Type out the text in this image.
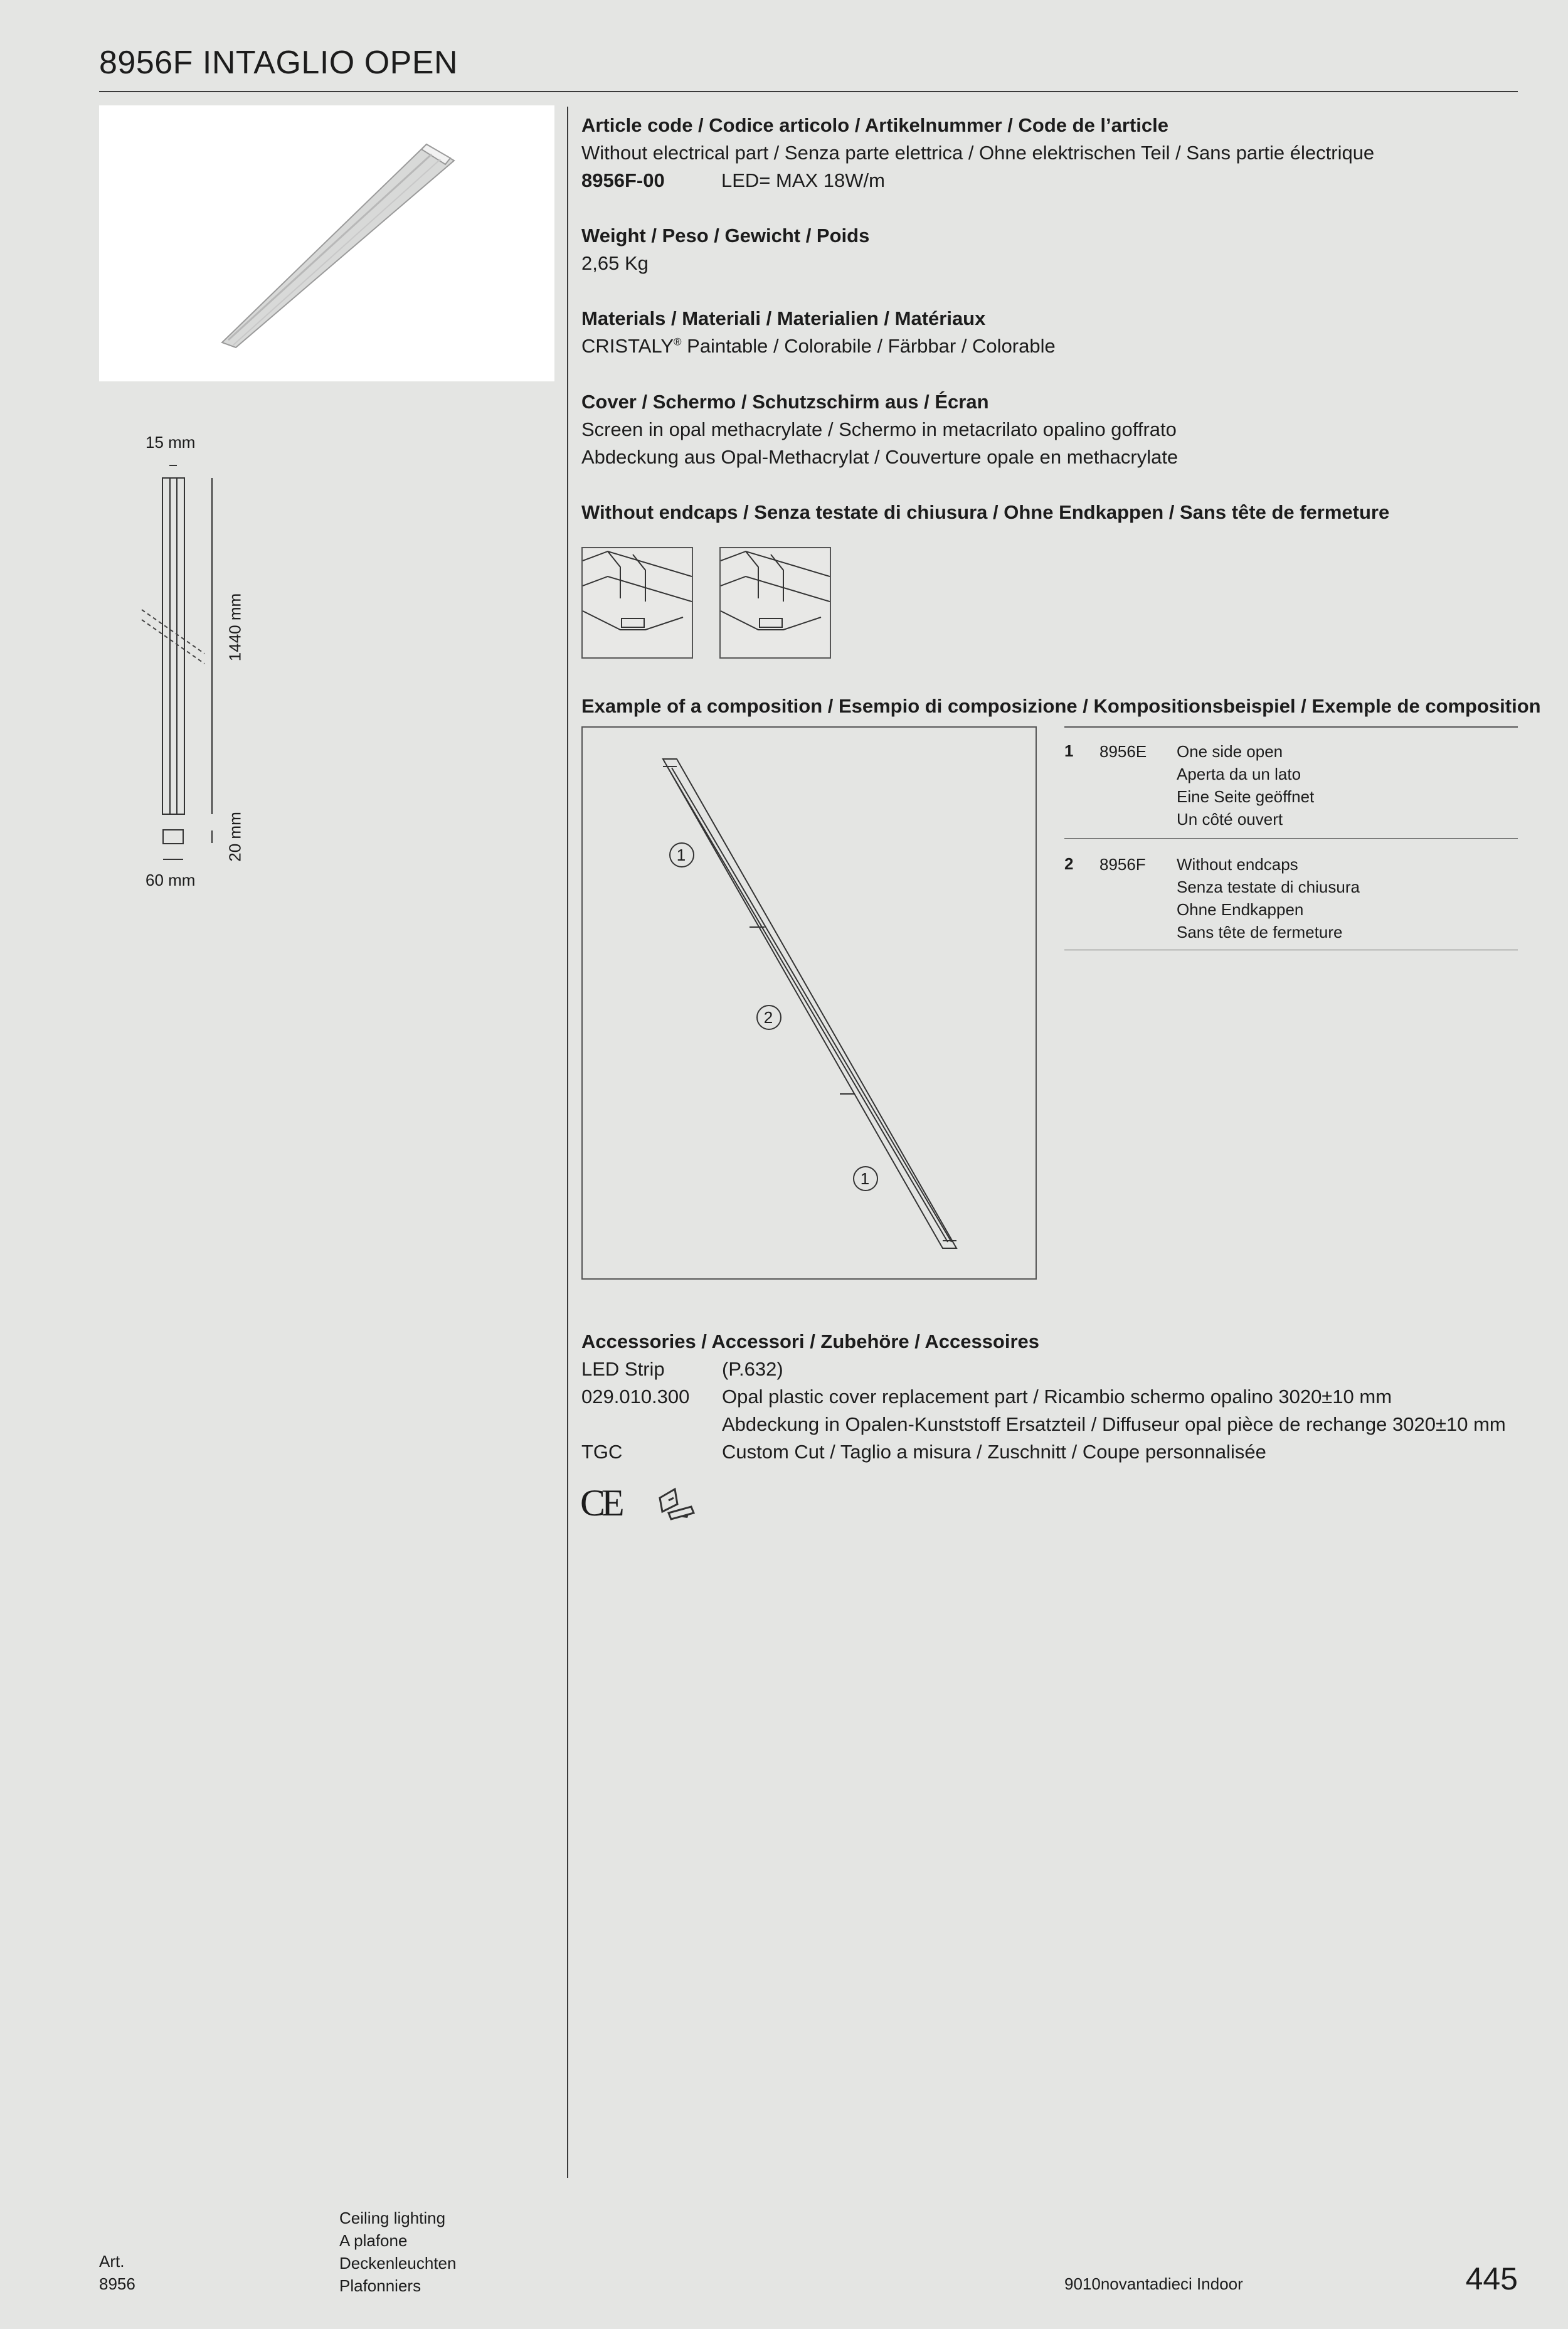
8956F INTAGLIO OPEN
15 mm
1440 mm
20 mm
60 mm
Article code / Codice articolo / Artikelnummer / Code de l’article
Without electrical part / Senza parte elettrica / Ohne elektrischen Teil / Sans partie électrique
8956F-00	LED= MAX 18W/m
Weight / Peso / Gewicht / Poids
2,65 Kg
Materials / Materiali / Materialien / Matériaux
CRISTALY® Paintable / Colorabile / Färbbar / Colorable
Cover / Schermo / Schutzschirm aus / Écran
Screen in opal methacrylate / Schermo in metacrilato opalino goffrato
Abdeckung aus Opal-Methacrylat / Couverture opale en methacrylate
Without endcaps / Senza testate di chiusura / Ohne Endkappen / Sans tête de fermeture
Example of a composition / Esempio di composizione / Kompositionsbeispiel / Exemple de composition
1
2
1
1 8956E One side open
Aperta da un lato
Eine Seite geöffnet
Un côté ouvert
2 8956F Without endcaps
Senza testate di chiusura
Ohne Endkappen
Sans tête de fermeture
Accessories / Accessori / Zubehöre / Accessoires
LED Strip	(P.632)
029.010.300 Opal plastic cover replacement part / Ricambio schermo opalino 3020±10 mm
Abdeckung in Opalen-Kunststoff Ersatzteil / Diffuseur opal pièce de rechange 3020±10 mm
TGC	Custom Cut / Taglio a misura / Zuschnitt / Coupe personnalisée
CE
Art.
8956
Ceiling lighting
A plafone
Deckenleuchten
Plafonniers	9010novantadieci Indoor	445
